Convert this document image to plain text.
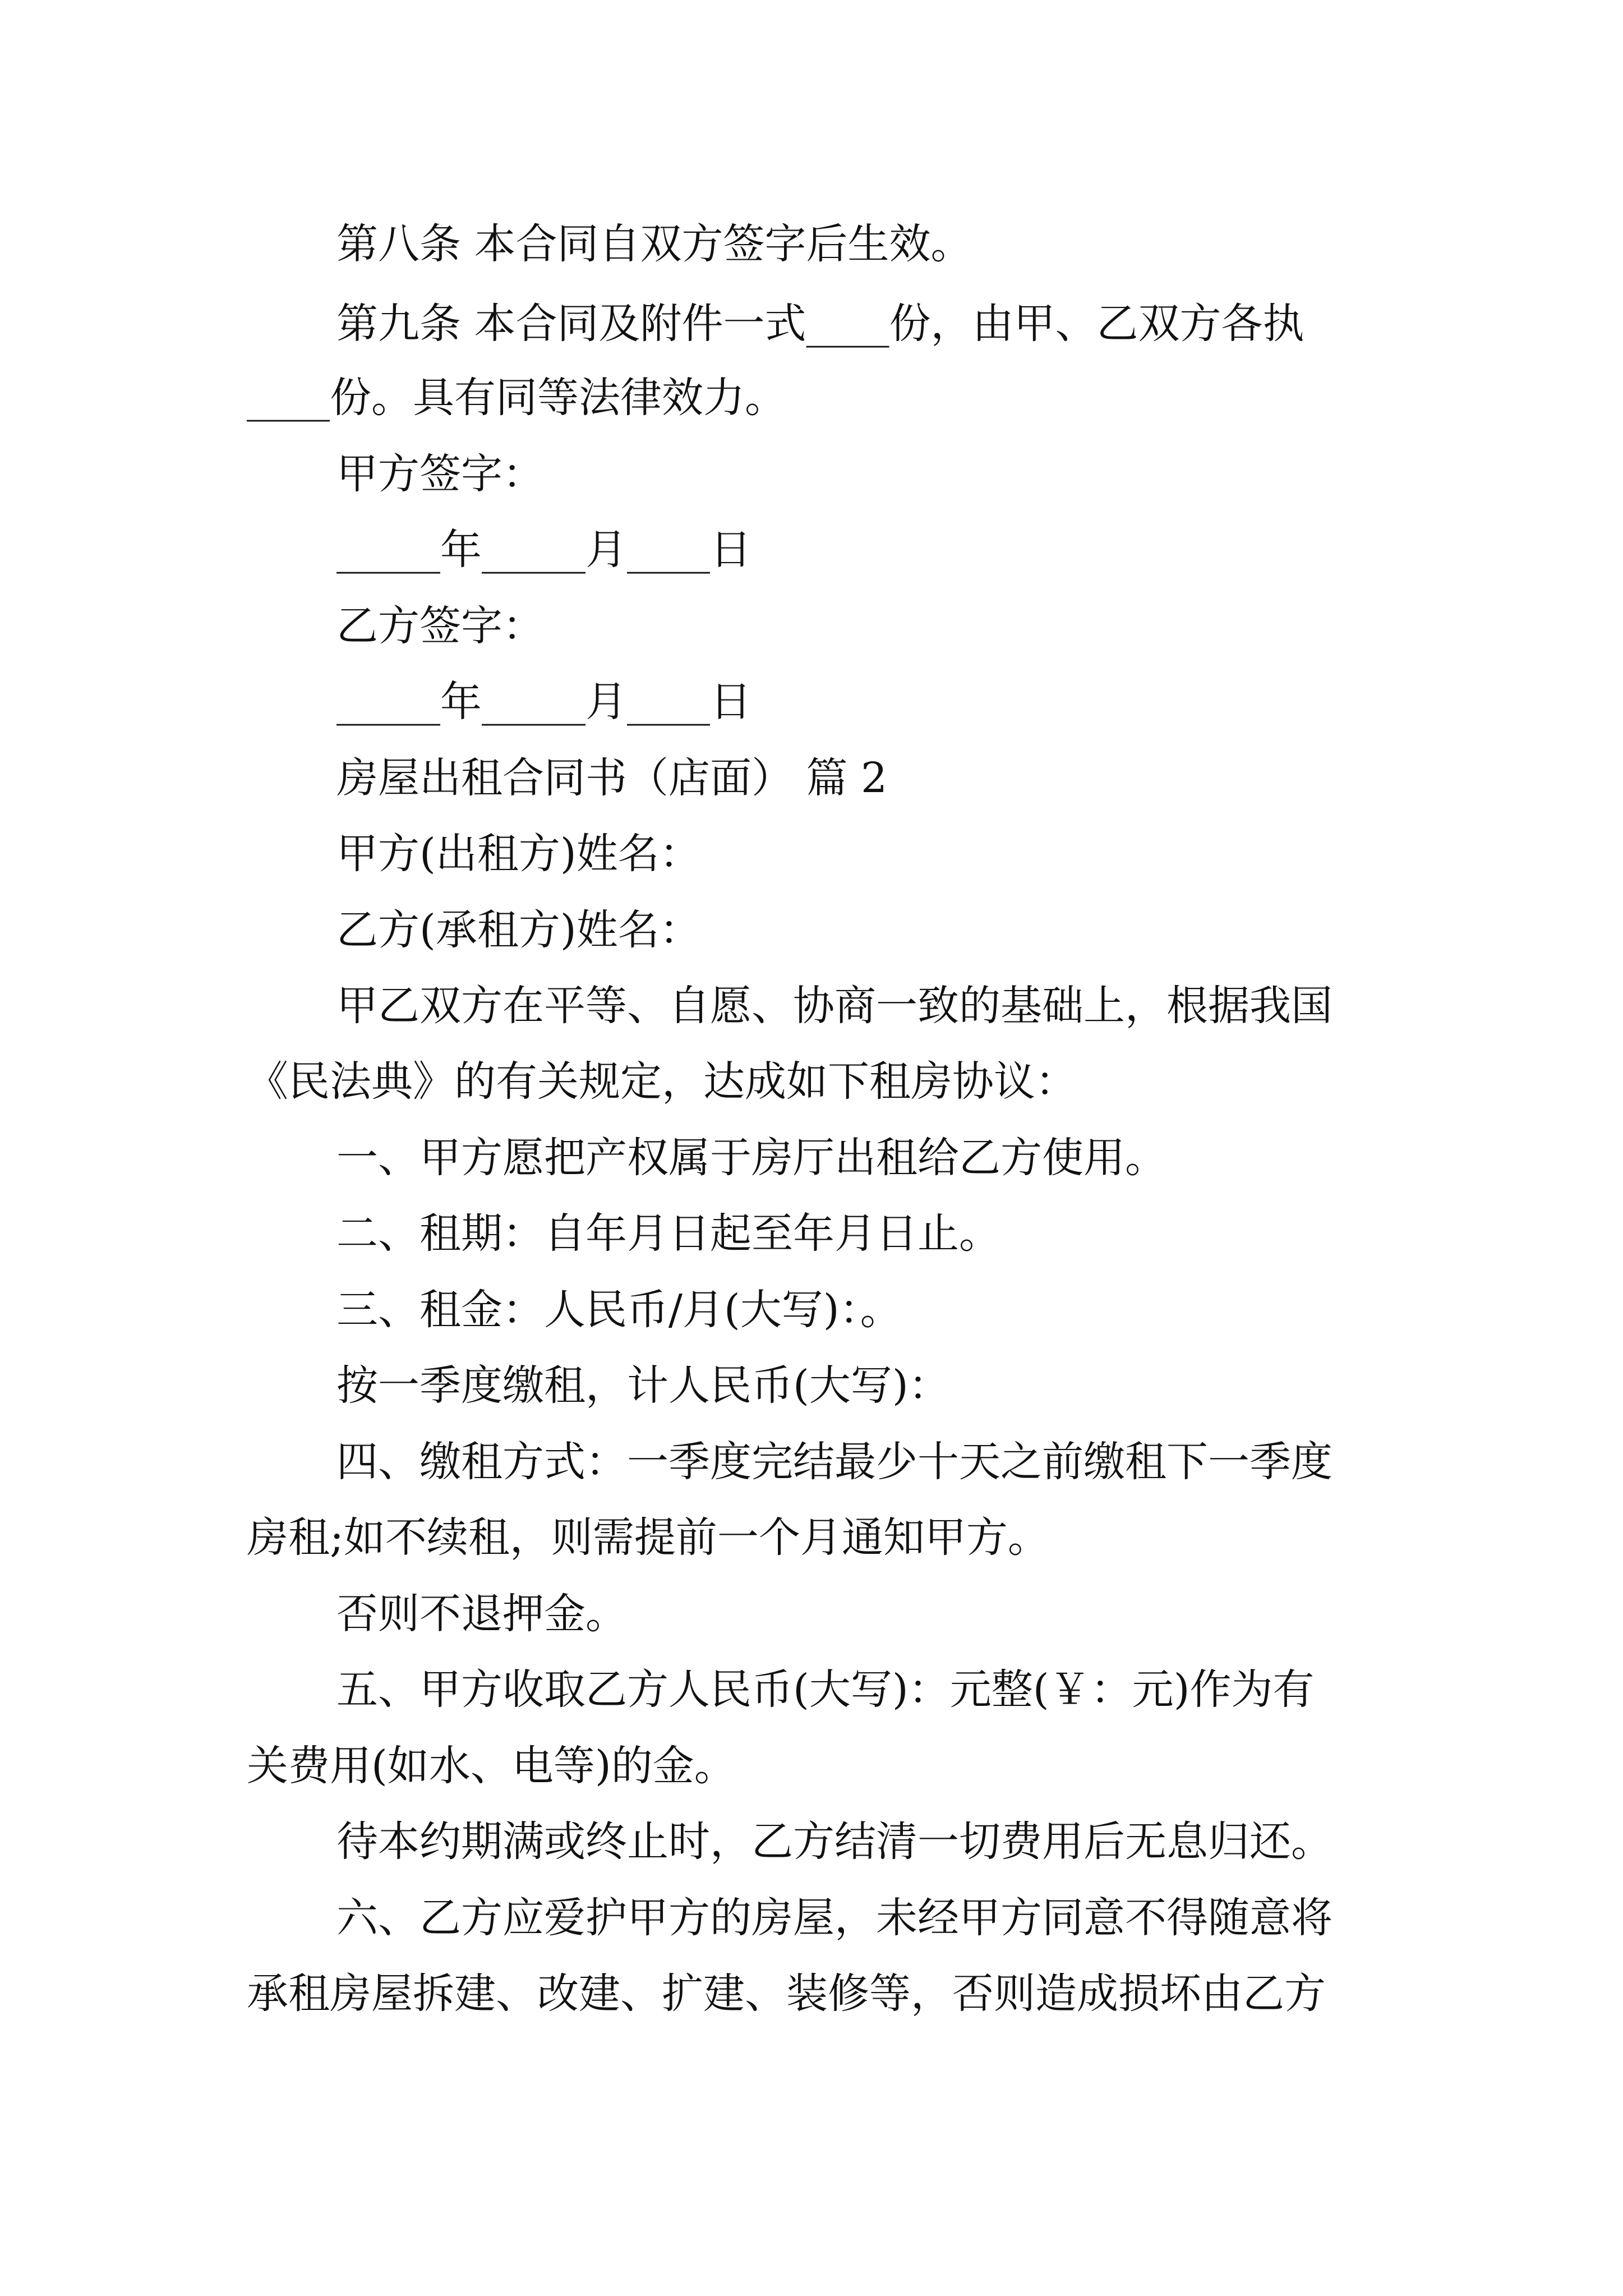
第八条 本合同自双方签字后生效。

第九条 本合同及附件一式____份，由甲、乙双方各执

____份。具有同等法律效力。

甲方签字：

_____年_____月____日

乙方签字：

_____年_____月____日

房屋出租合同书（店面） 篇 2

甲方(出租方)姓名：

乙方(承租方)姓名：

甲乙双方在平等、自愿、协商一致的基础上，根据我国

《民法典》的有关规定，达成如下租房协议：

一、甲方愿把产权属于房厅出租给乙方使用。

二、租期：自年月日起至年月日止。

三、租金：人民币/月(大写)：。

按一季度缴租，计人民币(大写)：

四、缴租方式：一季度完结最少十天之前缴租下一季度

房租;如不续租，则需提前一个月通知甲方。

否则不退押金。

五、甲方收取乙方人民币(大写)：元整(￥：元)作为有

关费用(如水、电等)的金。

待本约期满或终止时，乙方结清一切费用后无息归还。

六、乙方应爱护甲方的房屋，未经甲方同意不得随意将

承租房屋拆建、改建、扩建、装修等，否则造成损坏由乙方
